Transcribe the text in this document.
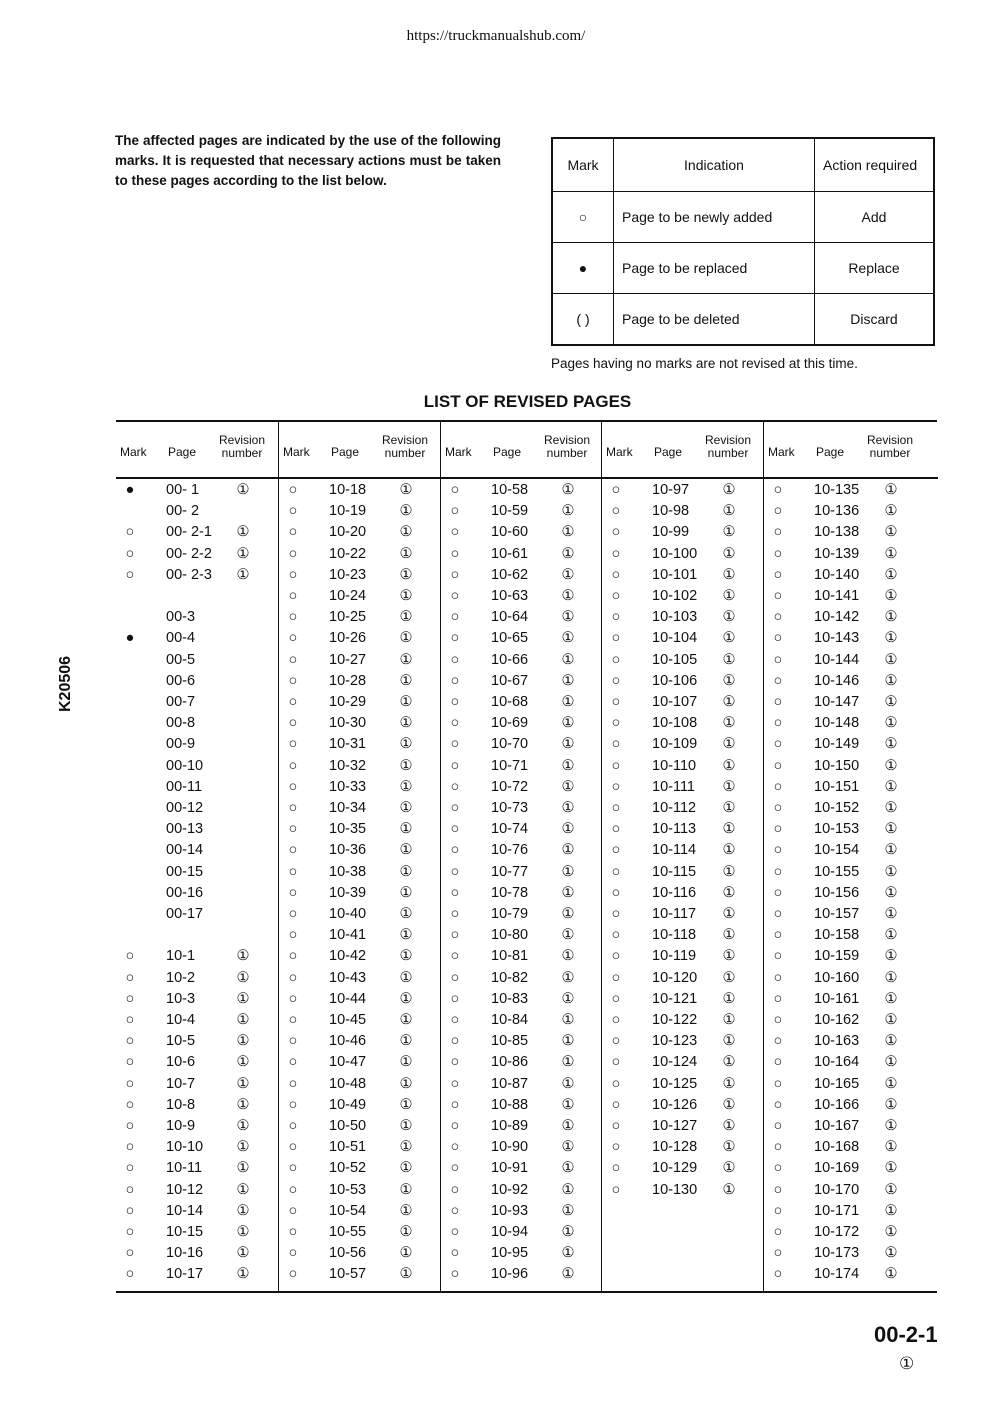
https://truckmanualshub.com/
The affected pages are indicated by the use of the following marks. It is requested that necessary actions must be taken to these pages according to the list below.
Mark	Indication	Action required
○	Page to be newly added	Add
●	Page to be replaced	Replace
( )	Page to be deleted	Discard
Pages having no marks are not revised at this time.
LIST OF REVISED PAGES
K20506
Mark Page
Revision number
●	00- 1	①
00- 2
○	00- 2-1	①
○	00- 2-2	①
○	00- 2-3	①
00-3
●	00-4
00-5
00-6
00-7
00-8
00-9
00-10
00-11
00-12
00-13
00-14
00-15
00-16
00-17
○	10-1	①
○	10-2	①
○	10-3	①
○	10-4	①
○	10-5	①
○	10-6	①
○	10-7	①
○	10-8	①
○	10-9	①
○	10-10	①
○	10-11	①
○	10-12	①
○	10-14	①
○	10-15	①
○	10-16	①
○	10-17	①
Mark Page
Revision number
○	10-18	①
○	10-19	①
○	10-20	①
○	10-22	①
○	10-23	①
○	10-24	①
○	10-25	①
○	10-26	①
○	10-27	①
○	10-28	①
○	10-29	①
○	10-30	①
○	10-31	①
○	10-32	①
○	10-33	①
○	10-34	①
○	10-35	①
○	10-36	①
○	10-38	①
○	10-39	①
○	10-40	①
○	10-41	①
○	10-42	①
○	10-43	①
○	10-44	①
○	10-45	①
○	10-46	①
○	10-47	①
○	10-48	①
○	10-49	①
○	10-50	①
○	10-51	①
○	10-52	①
○	10-53	①
○	10-54	①
○	10-55	①
○	10-56	①
○	10-57	①
Mark Page
Revision number
○	10-58	①
○	10-59	①
○	10-60	①
○	10-61	①
○	10-62	①
○	10-63	①
○	10-64	①
○	10-65	①
○	10-66	①
○	10-67	①
○	10-68	①
○	10-69	①
○	10-70	①
○	10-71	①
○	10-72	①
○	10-73	①
○	10-74	①
○	10-76	①
○	10-77	①
○	10-78	①
○	10-79	①
○	10-80	①
○	10-81	①
○	10-82	①
○	10-83	①
○	10-84	①
○	10-85	①
○	10-86	①
○	10-87	①
○	10-88	①
○	10-89	①
○	10-90	①
○	10-91	①
○	10-92	①
○	10-93	①
○	10-94	①
○	10-95	①
○	10-96	①
Mark Page
Revision number
○	10-97	①
○	10-98	①
○	10-99	①
○	10-100	①
○	10-101	①
○	10-102	①
○	10-103	①
○	10-104	①
○	10-105	①
○	10-106	①
○	10-107	①
○	10-108	①
○	10-109	①
○	10-110	①
○	10-111	①
○	10-112	①
○	10-113	①
○	10-114	①
○	10-115	①
○	10-116	①
○	10-117	①
○	10-118	①
○	10-119	①
○	10-120	①
○	10-121	①
○	10-122	①
○	10-123	①
○	10-124	①
○	10-125	①
○	10-126	①
○	10-127	①
○	10-128	①
○	10-129	①
○	10-130	①
Mark Page
Revision number
○	10-135	①
○	10-136	①
○	10-138	①
○	10-139	①
○	10-140	①
○	10-141	①
○	10-142	①
○	10-143	①
○	10-144	①
○	10-146	①
○	10-147	①
○	10-148	①
○	10-149	①
○	10-150	①
○	10-151	①
○	10-152	①
○	10-153	①
○	10-154	①
○	10-155	①
○	10-156	①
○	10-157	①
○	10-158	①
○	10-159	①
○	10-160	①
○	10-161	①
○	10-162	①
○	10-163	①
○	10-164	①
○	10-165	①
○	10-166	①
○	10-167	①
○	10-168	①
○	10-169	①
○	10-170	①
○	10-171	①
○	10-172	①
○	10-173	①
○	10-174	①
00-2-1
①
